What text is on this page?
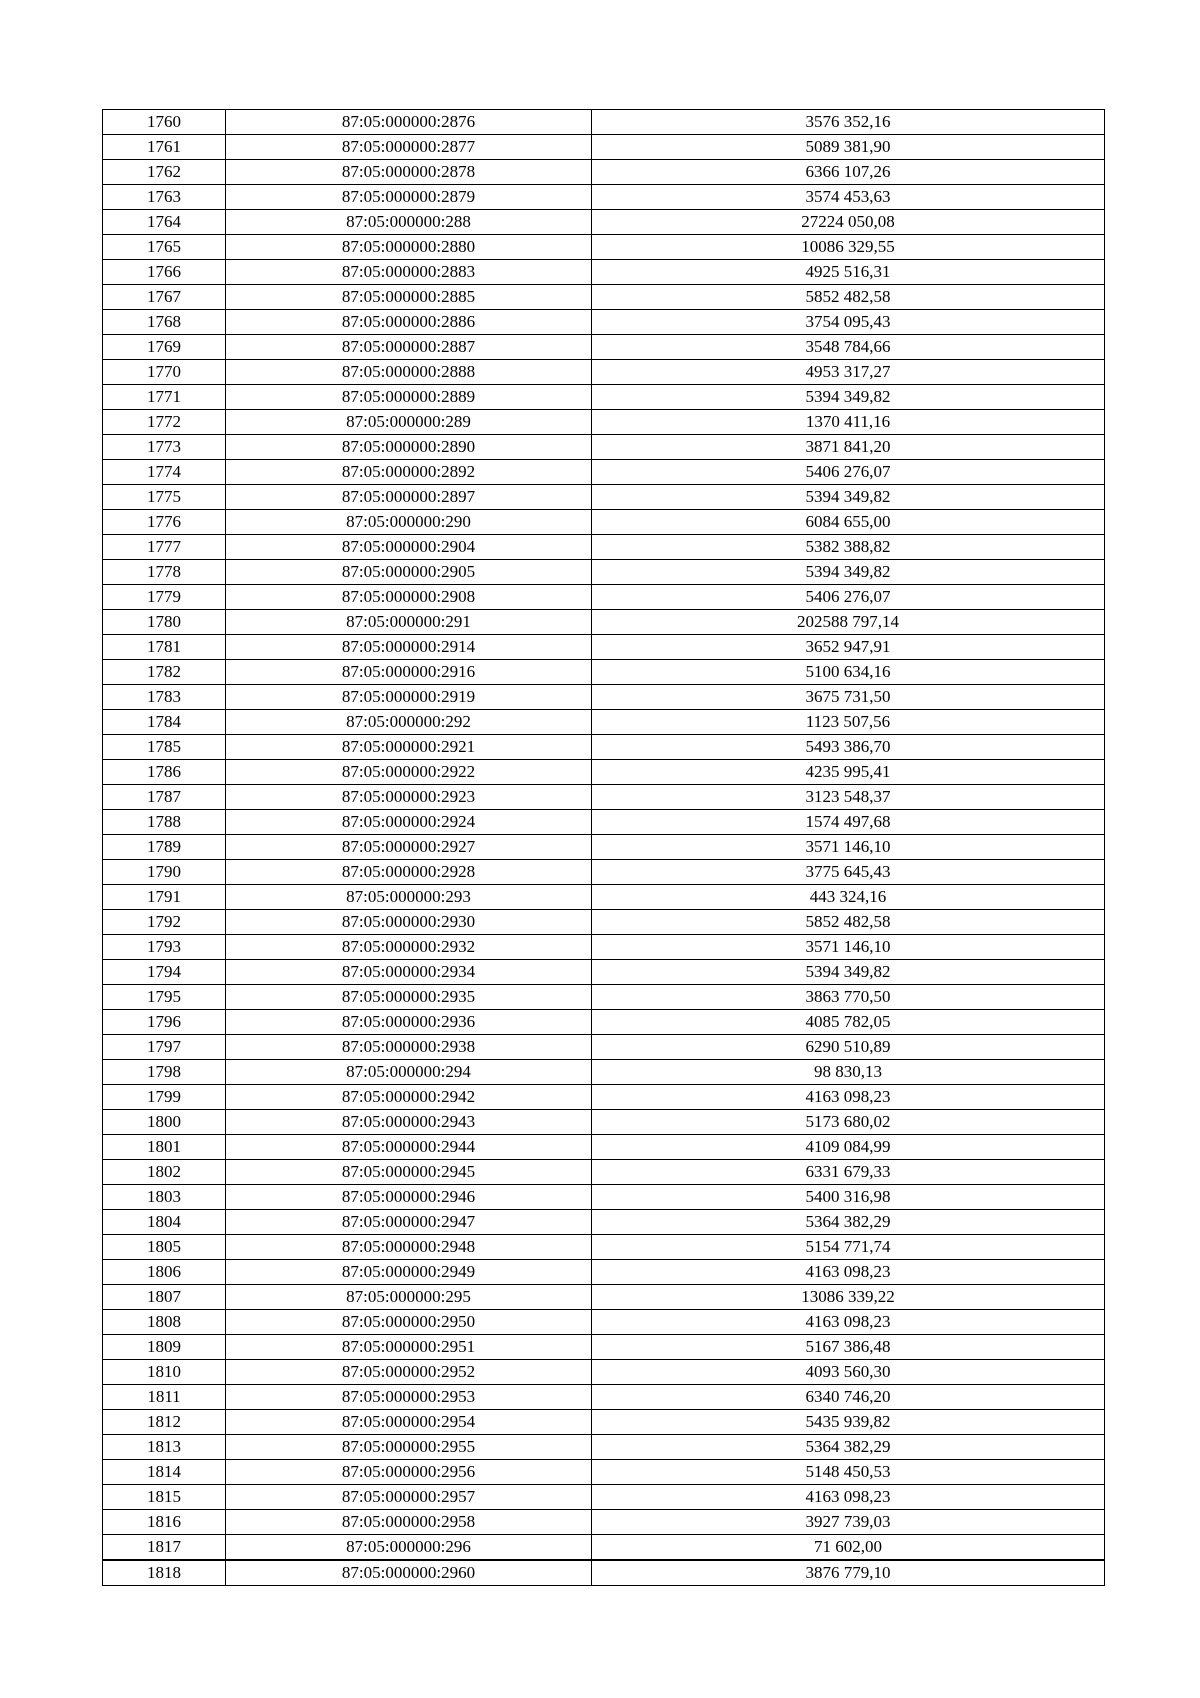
1760	87:05:000000:2876	3576 352,16
1761	87:05:000000:2877	5089 381,90
1762	87:05:000000:2878	6366 107,26
1763	87:05:000000:2879	3574 453,63
1764	87:05:000000:288	27224 050,08
1765	87:05:000000:2880	10086 329,55
1766	87:05:000000:2883	4925 516,31
1767	87:05:000000:2885	5852 482,58
1768	87:05:000000:2886	3754 095,43
1769	87:05:000000:2887	3548 784,66
1770	87:05:000000:2888	4953 317,27
1771	87:05:000000:2889	5394 349,82
1772	87:05:000000:289	1370 411,16
1773	87:05:000000:2890	3871 841,20
1774	87:05:000000:2892	5406 276,07
1775	87:05:000000:2897	5394 349,82
1776	87:05:000000:290	6084 655,00
1777	87:05:000000:2904	5382 388,82
1778	87:05:000000:2905	5394 349,82
1779	87:05:000000:2908	5406 276,07
1780	87:05:000000:291	202588 797,14
1781	87:05:000000:2914	3652 947,91
1782	87:05:000000:2916	5100 634,16
1783	87:05:000000:2919	3675 731,50
1784	87:05:000000:292	1123 507,56
1785	87:05:000000:2921	5493 386,70
1786	87:05:000000:2922	4235 995,41
1787	87:05:000000:2923	3123 548,37
1788	87:05:000000:2924	1574 497,68
1789	87:05:000000:2927	3571 146,10
1790	87:05:000000:2928	3775 645,43
1791	87:05:000000:293	443 324,16
1792	87:05:000000:2930	5852 482,58
1793	87:05:000000:2932	3571 146,10
1794	87:05:000000:2934	5394 349,82
1795	87:05:000000:2935	3863 770,50
1796	87:05:000000:2936	4085 782,05
1797	87:05:000000:2938	6290 510,89
1798	87:05:000000:294	98 830,13
1799	87:05:000000:2942	4163 098,23
1800	87:05:000000:2943	5173 680,02
1801	87:05:000000:2944	4109 084,99
1802	87:05:000000:2945	6331 679,33
1803	87:05:000000:2946	5400 316,98
1804	87:05:000000:2947	5364 382,29
1805	87:05:000000:2948	5154 771,74
1806	87:05:000000:2949	4163 098,23
1807	87:05:000000:295	13086 339,22
1808	87:05:000000:2950	4163 098,23
1809	87:05:000000:2951	5167 386,48
1810	87:05:000000:2952	4093 560,30
1811	87:05:000000:2953	6340 746,20
1812	87:05:000000:2954	5435 939,82
1813	87:05:000000:2955	5364 382,29
1814	87:05:000000:2956	5148 450,53
1815	87:05:000000:2957	4163 098,23
1816	87:05:000000:2958	3927 739,03
1817	87:05:000000:296	71 602,00
1818	87:05:000000:2960	3876 779,10
